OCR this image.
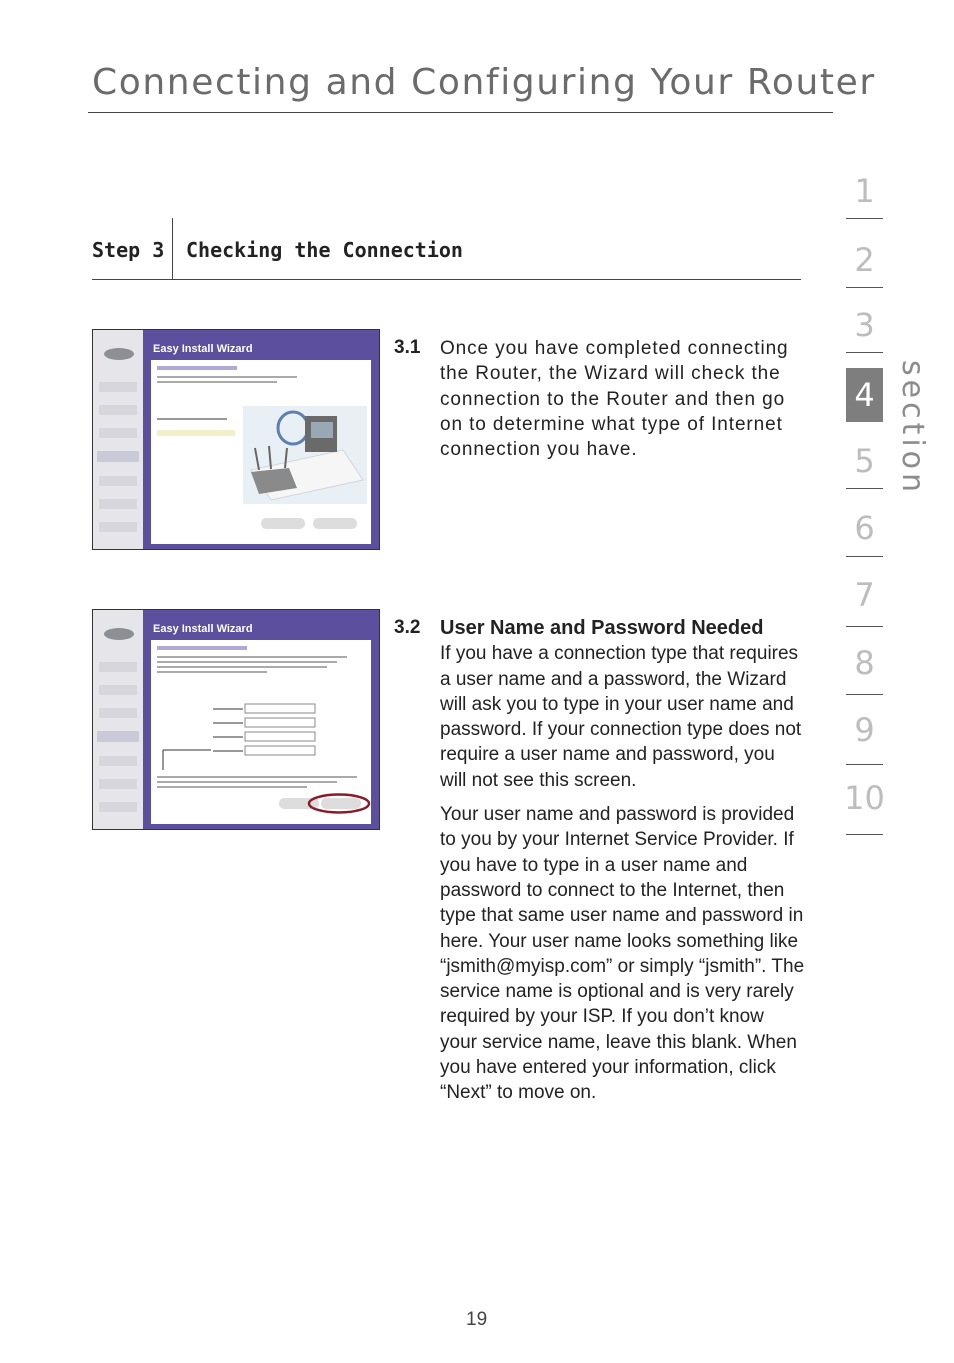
Connecting and Configuring Your Router
Step 3 Checking the Connection
Easy Install Wizard	3.1 Once you have completed connecting the Router, the Wizard will check the connection to the Router and then go on to determine what type of Internet connection you have.

Easy Install Wizard	3.2 User Name and Password Needed

If you have a connection type that requires a user name and a password, the Wizard will ask you to type in your user name and password. If your connection type does not require a user name and password, you will not see this screen.

Your user name and password is provided to you by your Internet Service Provider. If you have to type in a user name and password to connect to the Internet, then type that same user name and password in here. Your user name looks something like “jsmith@myisp.com” or simply “jsmith”. The service name is optional and is very rarely required by your ISP. If you don’t know your service name, leave this blank. When you have entered your information, click “Next” to move on.

1
2
3
4
5
6
7
8
9
10
section
19
